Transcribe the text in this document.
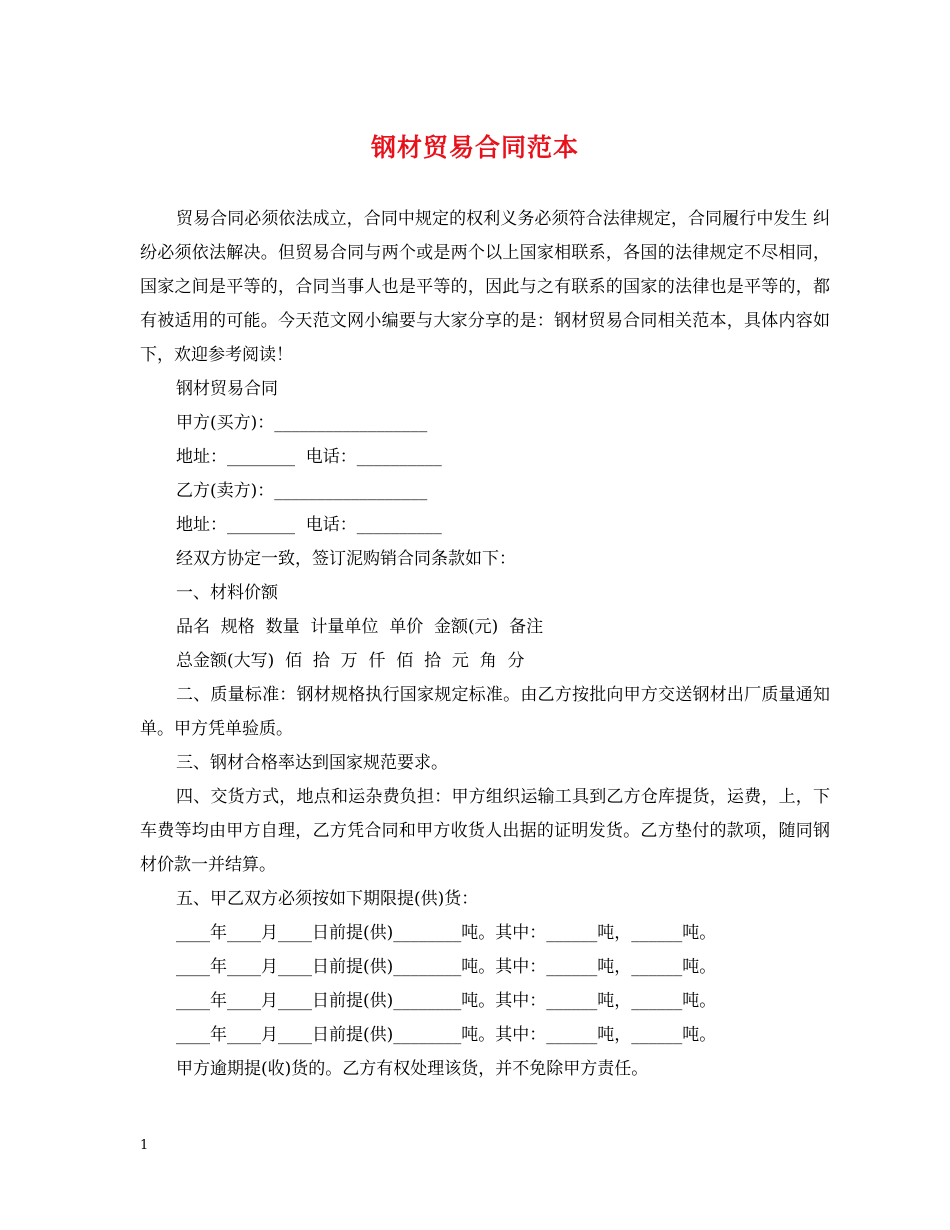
钢材贸易合同范本

贸易合同必须依法成立，合同中规定的权利义务必须符合法律规定，合同履行中发生 纠纷必须依法解决。但贸易合同与两个或是两个以上国家相联系，各国的法律规定不尽相同，国家之间是平等的，合同当事人也是平等的，因此与之有联系的国家的法律也是平等的，都有被适用的可能。今天范文网小编要与大家分享的是：钢材贸易合同相关范本，具体内容如下，欢迎参考阅读！

钢材贸易合同

甲方(买方)：__________________

地址：________  电话：__________

乙方(卖方)：__________________

地址：________  电话：__________

经双方协定一致，签订泥购销合同条款如下：

一、材料价额

品名  规格  数量  计量单位  单价  金额(元)  备注

总金额(大写)  佰  拾  万  仟  佰  拾  元  角  分

二、质量标准：钢材规格执行国家规定标准。由乙方按批向甲方交送钢材出厂质量通知单。甲方凭单验质。

三、钢材合格率达到国家规范要求。

四、交货方式，地点和运杂费负担：甲方组织运输工具到乙方仓库提货，运费，上，下车费等均由甲方自理，乙方凭合同和甲方收货人出据的证明发货。乙方垫付的款项，随同钢材价款一并结算。

五、甲乙双方必须按如下期限提(供)货：

____年____月____日前提(供)________吨。其中：______吨，______吨。

____年____月____日前提(供)________吨。其中：______吨，______吨。

____年____月____日前提(供)________吨。其中：______吨，______吨。

____年____月____日前提(供)________吨。其中：______吨，______吨。

甲方逾期提(收)货的。乙方有权处理该货，并不免除甲方责任。

1
